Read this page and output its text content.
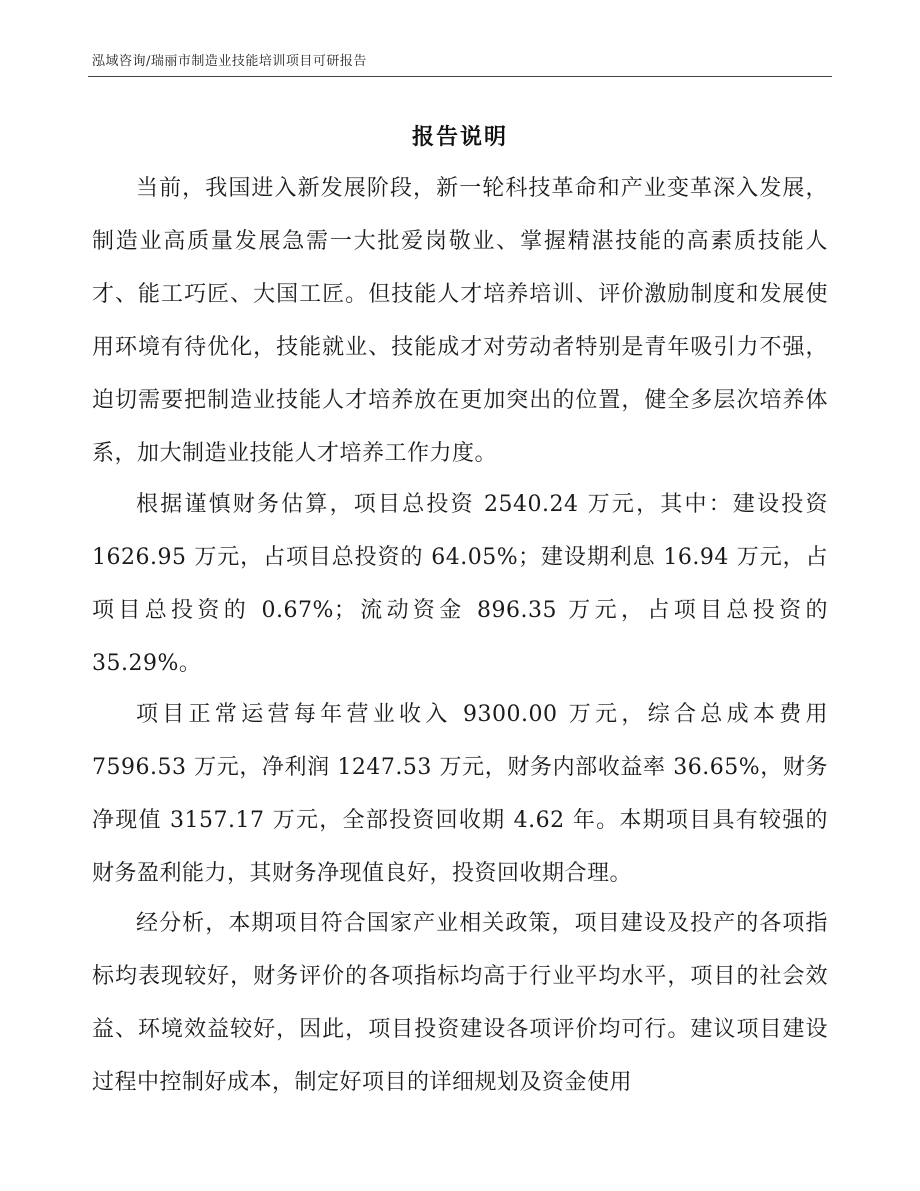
泓域咨询/瑞丽市制造业技能培训项目可研报告
报告说明

当前，我国进入新发展阶段，新一轮科技革命和产业变革深入发展，制造业高质量发展急需一大批爱岗敬业、掌握精湛技能的高素质技能人才、能工巧匠、大国工匠。但技能人才培养培训、评价激励制度和发展使用环境有待优化，技能就业、技能成才对劳动者特别是青年吸引力不强，迫切需要把制造业技能人才培养放在更加突出的位置，健全多层次培养体系，加大制造业技能人才培养工作力度。

根据谨慎财务估算，项目总投资 2540.24 万元，其中：建设投资 1626.95 万元，占项目总投资的 64.05%；建设期利息 16.94 万元，占项目总投资的 0.67%；流动资金 896.35 万元，占项目总投资的 35.29%。

项目正常运营每年营业收入 9300.00 万元，综合总成本费用 7596.53 万元，净利润 1247.53 万元，财务内部收益率 36.65%，财务净现值 3157.17 万元，全部投资回收期 4.62 年。本期项目具有较强的财务盈利能力，其财务净现值良好，投资回收期合理。

经分析，本期项目符合国家产业相关政策，项目建设及投产的各项指标均表现较好，财务评价的各项指标均高于行业平均水平，项目的社会效益、环境效益较好，因此，项目投资建设各项评价均可行。建议项目建设过程中控制好成本，制定好项目的详细规划及资金使用
